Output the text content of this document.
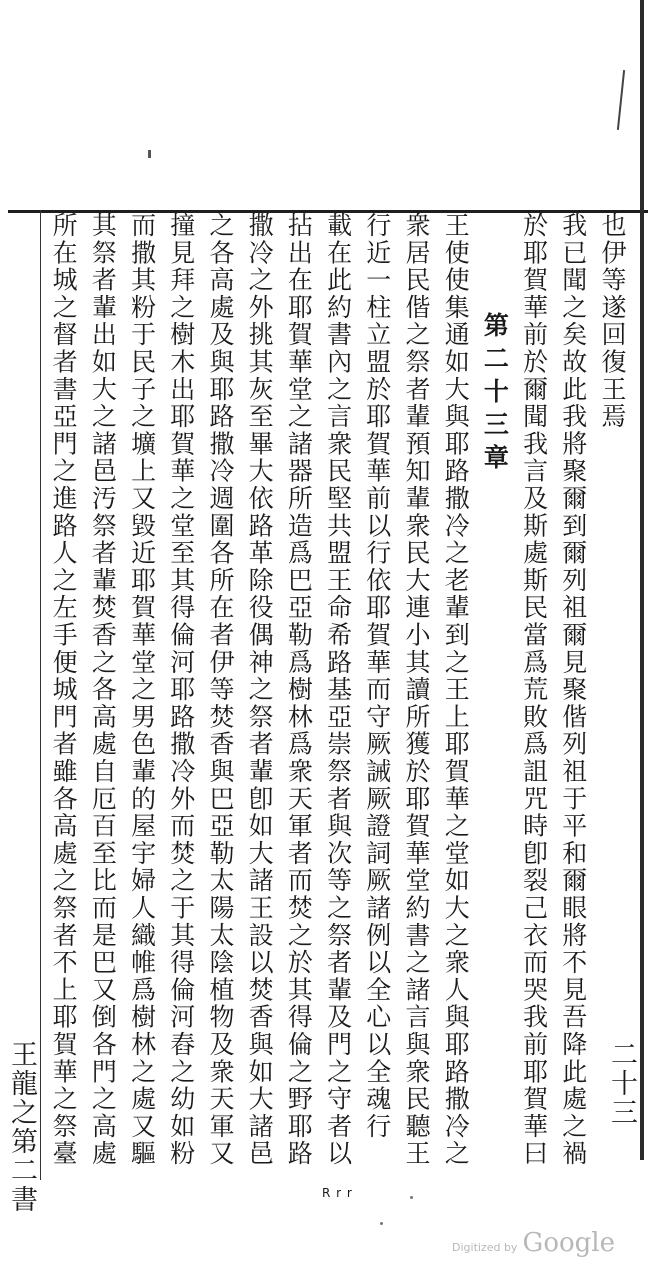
王龍之第二書	二十三
也伊等遂回復王焉
我已聞之矣故此我將聚爾到爾列祖爾見聚偕列祖于平和爾眼將不見吾降此處之禍
於耶賀華前於爾聞我言及斯處斯民當爲荒敗爲詛咒時卽裂己衣而哭我前耶賀華曰
第二十三章
王使使集通如大與耶路撒冷之老輩到之王上耶賀華之堂如大之衆人與耶路撒冷之
衆居民偕之祭者輩預知輩衆民大連小其讀所獲於耶賀華堂約書之諸言與衆民聽王
行近一柱立盟於耶賀華前以行依耶賀華而守厥誡厥證詞厥諸例以全心以全魂行
載在此約書內之言衆民堅共盟王命希路基亞崇祭者與次等之祭者輩及門之守者以
拈出在耶賀華堂之諸器所造爲巴亞勒爲樹林爲衆天軍者而焚之於其得倫之野耶路
撒冷之外挑其灰至畢大依路革除役偶神之祭者輩卽如大諸王設以焚香與如大諸邑
之各高處及與耶路撒冷週圍各所在者伊等焚香與巴亞勒太陽太陰植物及衆天軍又
撞見拜之樹木出耶賀華之堂至其得倫河耶路撒冷外而焚之于其得倫河舂之幼如粉
而撒其粉于民子之壙上又毀近耶賀華堂之男色輩的屋宇婦人織帷爲樹林之處又驅
其祭者輩出如大之諸邑汚祭者輩焚香之各高處自厄百至比而是巴又倒各門之高處
所在城之督者書亞門之進路人之左手便城門者雖各高處之祭者不上耶賀華之祭臺
R r r
Digitized by Google
